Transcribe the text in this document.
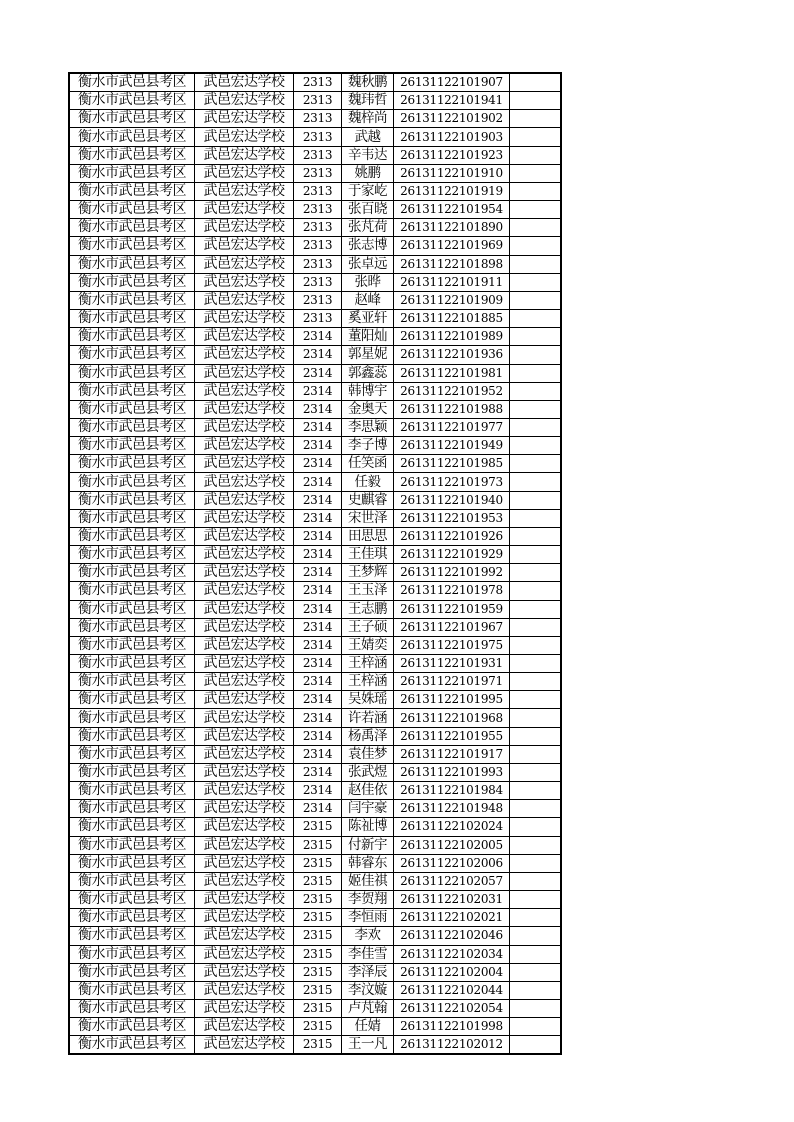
衡水市武邑县考区	武邑宏达学校	2313	魏秋鹏	26131122101907	
衡水市武邑县考区	武邑宏达学校	2313	魏玮哲	26131122101941	
衡水市武邑县考区	武邑宏达学校	2313	魏梓尚	26131122101902	
衡水市武邑县考区	武邑宏达学校	2313	武越	26131122101903	
衡水市武邑县考区	武邑宏达学校	2313	辛韦达	26131122101923	
衡水市武邑县考区	武邑宏达学校	2313	姚鹏	26131122101910	
衡水市武邑县考区	武邑宏达学校	2313	于家屹	26131122101919	
衡水市武邑县考区	武邑宏达学校	2313	张百晓	26131122101954	
衡水市武邑县考区	武邑宏达学校	2313	张芃荷	26131122101890	
衡水市武邑县考区	武邑宏达学校	2313	张志博	26131122101969	
衡水市武邑县考区	武邑宏达学校	2313	张卓远	26131122101898	
衡水市武邑县考区	武邑宏达学校	2313	张晔	26131122101911	
衡水市武邑县考区	武邑宏达学校	2313	赵峰	26131122101909	
衡水市武邑县考区	武邑宏达学校	2313	奚亚轩	26131122101885	
衡水市武邑县考区	武邑宏达学校	2314	董阳灿	26131122101989	
衡水市武邑县考区	武邑宏达学校	2314	郭星妮	26131122101936	
衡水市武邑县考区	武邑宏达学校	2314	郭鑫蕊	26131122101981	
衡水市武邑县考区	武邑宏达学校	2314	韩博宇	26131122101952	
衡水市武邑县考区	武邑宏达学校	2314	金奥天	26131122101988	
衡水市武邑县考区	武邑宏达学校	2314	李思颖	26131122101977	
衡水市武邑县考区	武邑宏达学校	2314	李子博	26131122101949	
衡水市武邑县考区	武邑宏达学校	2314	任笑函	26131122101985	
衡水市武邑县考区	武邑宏达学校	2314	任毅	26131122101973	
衡水市武邑县考区	武邑宏达学校	2314	史麒睿	26131122101940	
衡水市武邑县考区	武邑宏达学校	2314	宋世泽	26131122101953	
衡水市武邑县考区	武邑宏达学校	2314	田思思	26131122101926	
衡水市武邑县考区	武邑宏达学校	2314	王佳琪	26131122101929	
衡水市武邑县考区	武邑宏达学校	2314	王梦辉	26131122101992	
衡水市武邑县考区	武邑宏达学校	2314	王玉泽	26131122101978	
衡水市武邑县考区	武邑宏达学校	2314	王志鹏	26131122101959	
衡水市武邑县考区	武邑宏达学校	2314	王子硕	26131122101967	
衡水市武邑县考区	武邑宏达学校	2314	王婧奕	26131122101975	
衡水市武邑县考区	武邑宏达学校	2314	王梓涵	26131122101931	
衡水市武邑县考区	武邑宏达学校	2314	王梓涵	26131122101971	
衡水市武邑县考区	武邑宏达学校	2314	吴姝瑶	26131122101995	
衡水市武邑县考区	武邑宏达学校	2314	许若涵	26131122101968	
衡水市武邑县考区	武邑宏达学校	2314	杨禹泽	26131122101955	
衡水市武邑县考区	武邑宏达学校	2314	袁佳梦	26131122101917	
衡水市武邑县考区	武邑宏达学校	2314	张武煜	26131122101993	
衡水市武邑县考区	武邑宏达学校	2314	赵佳依	26131122101984	
衡水市武邑县考区	武邑宏达学校	2314	闫宇豪	26131122101948	
衡水市武邑县考区	武邑宏达学校	2315	陈祉博	26131122102024	
衡水市武邑县考区	武邑宏达学校	2315	付新宇	26131122102005	
衡水市武邑县考区	武邑宏达学校	2315	韩睿东	26131122102006	
衡水市武邑县考区	武邑宏达学校	2315	姬佳祺	26131122102057	
衡水市武邑县考区	武邑宏达学校	2315	李贺翔	26131122102031	
衡水市武邑县考区	武邑宏达学校	2315	李恒雨	26131122102021	
衡水市武邑县考区	武邑宏达学校	2315	李欢	26131122102046	
衡水市武邑县考区	武邑宏达学校	2315	李佳雪	26131122102034	
衡水市武邑县考区	武邑宏达学校	2315	李泽辰	26131122102004	
衡水市武邑县考区	武邑宏达学校	2315	李汶嫙	26131122102044	
衡水市武邑县考区	武邑宏达学校	2315	卢芃翰	26131122102054	
衡水市武邑县考区	武邑宏达学校	2315	任婧	26131122101998	
衡水市武邑县考区	武邑宏达学校	2315	王一凡	26131122102012	
